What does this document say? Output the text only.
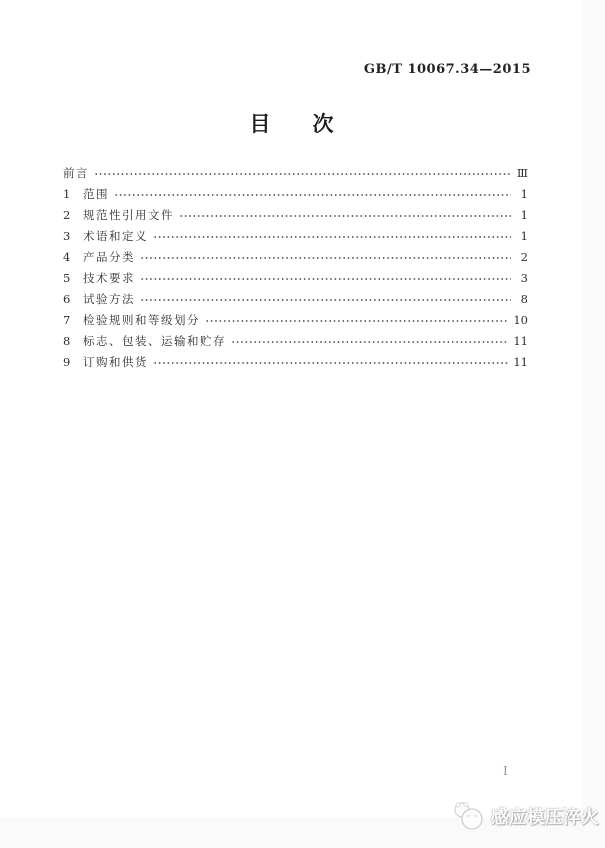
GB/T 10067.34—2015
目　　次
前言	Ⅲ
1	范围	1
2	规范性引用文件	1
3	术语和定义	1
4	产品分类	2
5	技术要求	3
6	试验方法	8
7	检验规则和等级划分	10
8	标志、包装、运输和贮存	11
9	订购和供货	11
Ⅰ
感应模压淬火
